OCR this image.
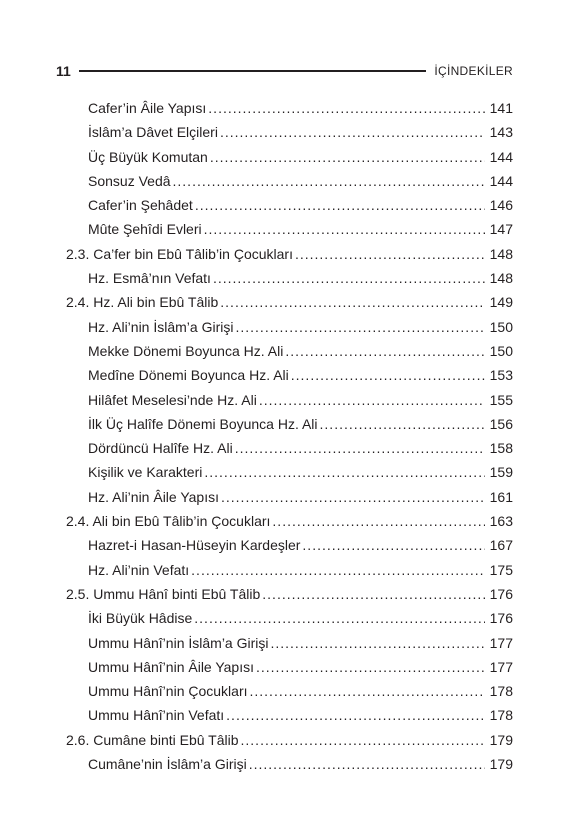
11	İÇİNDEKİLER
Cafer’in Âile Yapısı .....	141
İslâm’a Dâvet Elçileri .....	143
Üç Büyük Komutan .....	144
Sonsuz Vedâ .....	144
Cafer’in Şehâdet .....	146
Mûte Şehîdi Evleri .....	147
2.3. Ca’fer bin Ebû Tâlib’in Çocukları .....	148
Hz. Esmâ’nın Vefatı .....	148
2.4. Hz. Ali bin Ebû Tâlib .....	149
Hz. Ali’nin İslâm’a Girişi .....	150
Mekke Dönemi Boyunca Hz. Ali .....	150
Medîne Dönemi Boyunca Hz. Ali .....	153
Hilâfet Meselesi’nde Hz. Ali .....	155
İlk Üç Halîfe Dönemi Boyunca Hz. Ali .....	156
Dördüncü Halîfe Hz. Ali .....	158
Kişilik ve Karakteri .....	159
Hz. Ali’nin Âile Yapısı .....	161
2.4. Ali bin Ebû Tâlib’in Çocukları .....	163
Hazret-i Hasan-Hüseyin Kardeşler .....	167
Hz. Ali’nin Vefatı .....	175
2.5. Ummu Hânî binti Ebû Tâlib .....	176
İki Büyük Hâdise .....	176
Ummu Hânî’nin İslâm’a Girişi .....	177
Ummu Hânî’nin Âile Yapısı .....	177
Ummu Hânî’nin Çocukları .....	178
Ummu Hânî’nin Vefatı .....	178
2.6. Cumâne binti Ebû Tâlib .....	179
Cumâne’nin İslâm’a Girişi .....	179
